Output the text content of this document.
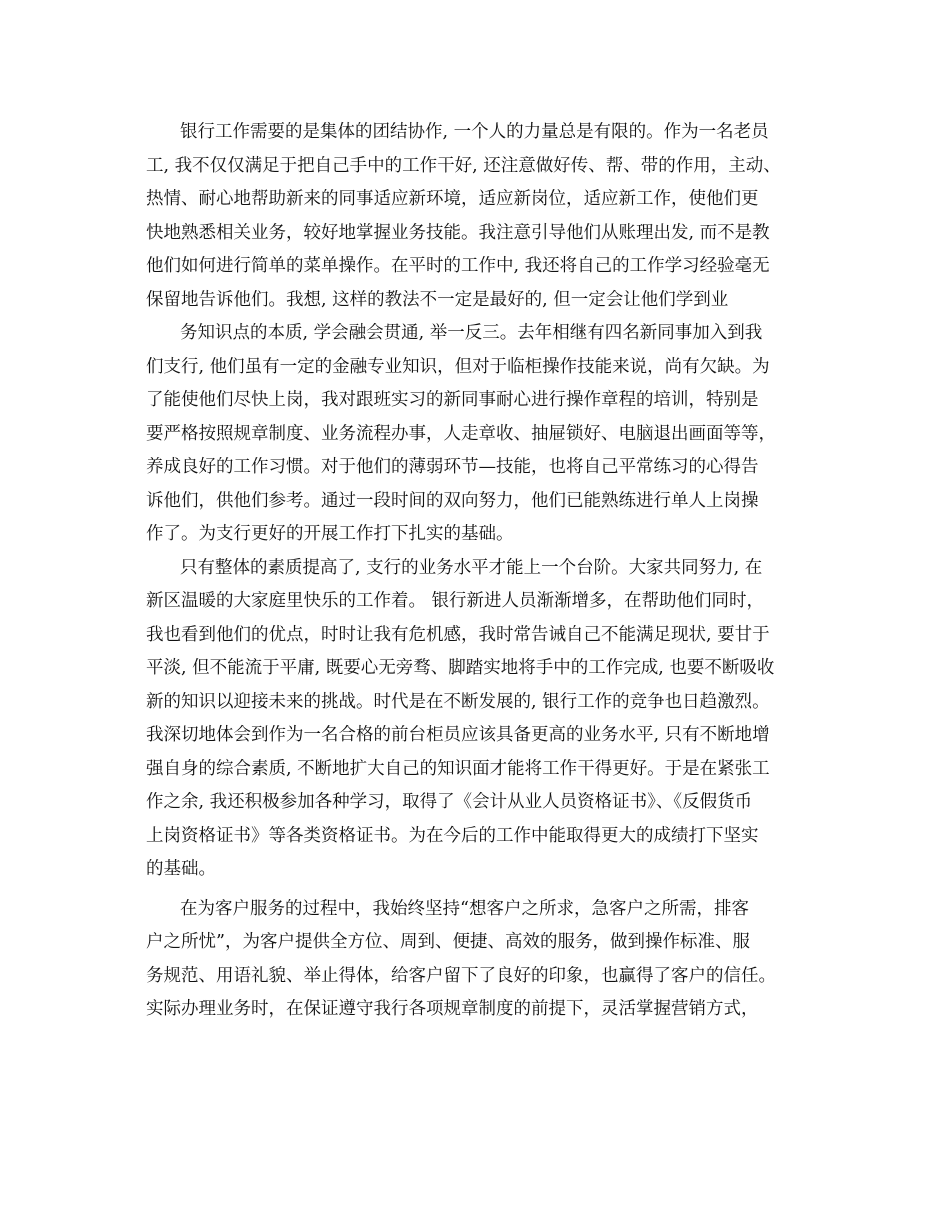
银行工作需要的是集体的团结协作, 一个人的力量总是有限的。作为一名老员
工, 我不仅仅满足于把自己手中的工作干好, 还注意做好传、帮、带的作用，主动、
热情、耐心地帮助新来的同事适应新环境，适应新岗位，适应新工作，使他们更
快地熟悉相关业务，较好地掌握业务技能。我注意引导他们从账理出发, 而不是教
他们如何进行简单的菜单操作。在平时的工作中, 我还将自己的工作学习经验毫无
保留地告诉他们。我想, 这样的教法不一定是最好的, 但一定会让他们学到业
务知识点的本质, 学会融会贯通, 举一反三。去年相继有四名新同事加入到我
们支行, 他们虽有一定的金融专业知识，但对于临柜操作技能来说，尚有欠缺。为
了能使他们尽快上岗，我对跟班实习的新同事耐心进行操作章程的培训，特别是
要严格按照规章制度、业务流程办事，人走章收、抽屉锁好、电脑退出画面等等，
养成良好的工作习惯。对于他们的薄弱环节—技能，也将自己平常练习的心得告
诉他们，供他们参考。通过一段时间的双向努力，他们已能熟练进行单人上岗操
作了。为支行更好的开展工作打下扎实的基础。
只有整体的素质提高了, 支行的业务水平才能上一个台阶。大家共同努力, 在
新区温暖的大家庭里快乐的工作着。 银行新进人员渐渐增多，在帮助他们同时，
我也看到他们的优点，时时让我有危机感，我时常告诫自己不能满足现状, 要甘于
平淡, 但不能流于平庸, 既要心无旁骛、脚踏实地将手中的工作完成, 也要不断吸收
新的知识以迎接未来的挑战。时代是在不断发展的, 银行工作的竞争也日趋激烈。
我深切地体会到作为一名合格的前台柜员应该具备更高的业务水平, 只有不断地增
强自身的综合素质, 不断地扩大自己的知识面才能将工作干得更好。于是在紧张工
作之余, 我还积极参加各种学习，取得了《会计从业人员资格证书》、《反假货币
上岗资格证书》等各类资格证书。为在今后的工作中能取得更大的成绩打下坚实
的基础。
在为客户服务的过程中，我始终坚持“想客户之所求，急客户之所需，排客
户之所忧”，为客户提供全方位、周到、便捷、高效的服务，做到操作标准、服
务规范、用语礼貌、举止得体，给客户留下了良好的印象，也赢得了客户的信任。
实际办理业务时，在保证遵守我行各项规章制度的前提下，灵活掌握营销方式，
